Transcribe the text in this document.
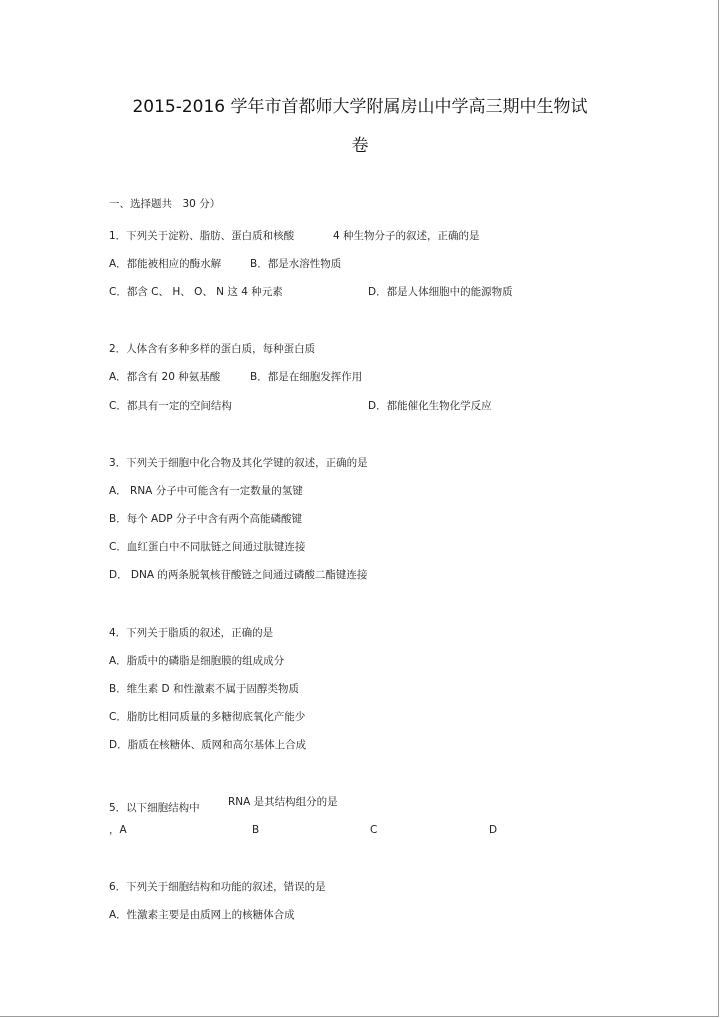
2015-2016 学年市首都师大学附属房山中学高三期中生物试
卷
一、选择题共　30 分）
1．下列关于淀粉、脂肪、蛋白质和核酸	4 种生物分子的叙述，正确的是
A．都能被相应的酶水解	B．都是水溶性物质
C．都含 C、 H、 O、 N 这 4 种元素	D．都是人体细胞中的能源物质
2．人体含有多种多样的蛋白质，每种蛋白质
A．都含有 20 种氨基酸	B．都是在细胞发挥作用
C．都具有一定的空间结构	D．都能催化生物化学反应
3．下列关于细胞中化合物及其化学键的叙述，正确的是
A． RNA 分子中可能含有一定数量的氢键
B．每个 ADP 分子中含有两个高能磷酸键
C．血红蛋白中不同肽链之间通过肽键连接
D． DNA 的两条脱氧核苷酸链之间通过磷酸二酯键连接
4．下列关于脂质的叙述，正确的是
A．脂质中的磷脂是细胞膜的组成成分
B．维生素 D 和性激素不属于固醇类物质
C．脂肪比相同质量的多糖彻底氧化产能少
D．脂质在核糖体、质网和高尔基体上合成
RNA 是其结构组分的是
5．以下细胞结构中
，A	B	C	D
6．下列关于细胞结构和功能的叙述，错误的是
A．性激素主要是由质网上的核糖体合成
